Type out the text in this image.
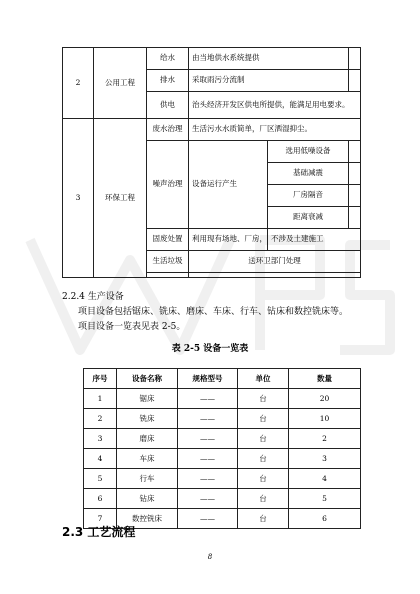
2	公用工程	给水	由当地供水系统提供		
		排水	采取雨污分流制		
		供电	治头经济开发区供电所提供，能满足用电要求。		
3	环保工程	废水治理	生活污水水质简单，厂区洒湿抑尘。		
		噪声治理	设备运行产生	选用低噪设备	
				基础减震	
				厂房隔音	
				距离衰减	
		固废处置	利用现有场地、厂房，	不涉及土建施工	
		生活垃圾	送环卫部门处理		

2.2.4 生产设备
项目设备包括锯床、铣床、磨床、车床、行车、钻床和数控铣床等。
项目设备一览表见表 2-5。
表 2-5 设备一览表
序号	设备名称	规格型号	单位	数量
1	锯床	——	台	20
2	铣床	——	台	10
3	磨床	——	台	2
4	车床	——	台	3
5	行车	——	台	4
6	钻床	——	台	5
7	数控铣床	——	台	6
2.3 工艺流程
8
